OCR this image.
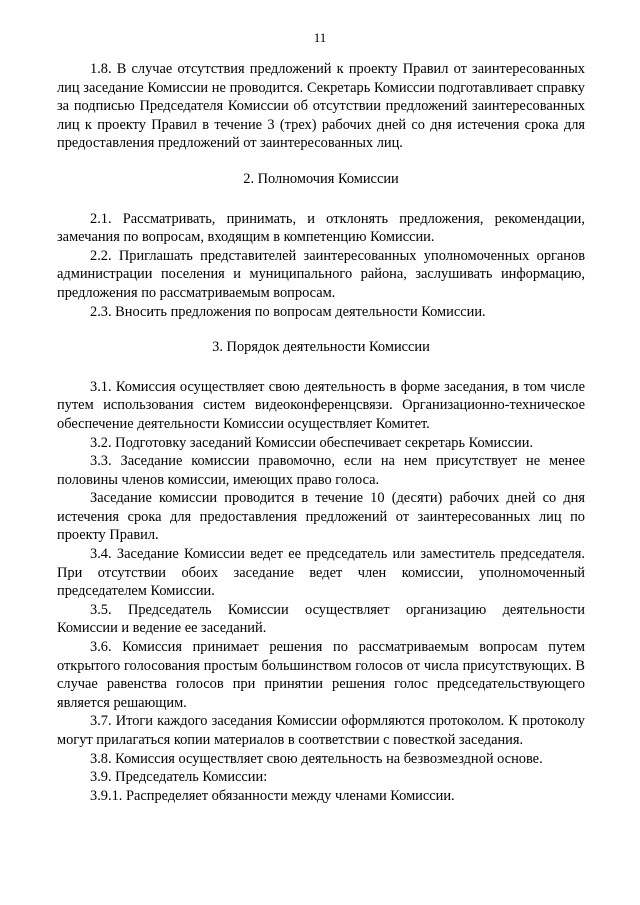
11

1.8. В случае отсутствия предложений к проекту Правил от заинтересованных лиц заседание Комиссии не проводится. Секретарь Комиссии подготавливает справку за подписью Председателя Комиссии об отсутствии предложений заинтересованных лиц к проекту Правил в течение 3 (трех) рабочих дней со дня истечения срока для предоставления предложений от заинтересованных лиц.

2. Полномочия Комиссии

2.1. Рассматривать, принимать, и отклонять предложения, рекомендации, замечания по вопросам, входящим в компетенцию Комиссии.

2.2. Приглашать представителей заинтересованных уполномоченных органов администрации поселения и муниципального района, заслушивать информацию, предложения по рассматриваемым вопросам.

2.3. Вносить предложения по вопросам деятельности Комиссии.

3. Порядок деятельности Комиссии

3.1. Комиссия осуществляет свою деятельность в форме заседания, в том числе путем использования систем видеоконференцсвязи. Организационно-техническое обеспечение деятельности Комиссии осуществляет Комитет.

3.2. Подготовку заседаний Комиссии обеспечивает секретарь Комиссии.

3.3. Заседание комиссии правомочно, если на нем присутствует не менее половины членов комиссии, имеющих право голоса.

Заседание комиссии проводится в течение 10 (десяти) рабочих дней со дня истечения срока для предоставления предложений от заинтересованных лиц по проекту Правил.

3.4. Заседание Комиссии ведет ее председатель или заместитель председателя. При отсутствии обоих заседание ведет член комиссии, уполномоченный председателем Комиссии.

3.5. Председатель Комиссии осуществляет организацию деятельности Комиссии и ведение ее заседаний.

3.6. Комиссия принимает решения по рассматриваемым вопросам путем открытого голосования простым большинством голосов от числа присутствующих. В случае равенства голосов при принятии решения голос председательствующего является решающим.

3.7. Итоги каждого заседания Комиссии оформляются протоколом. К протоколу могут прилагаться копии материалов в соответствии с повесткой заседания.

3.8. Комиссия осуществляет свою деятельность на безвозмездной основе.

3.9. Председатель Комиссии:

3.9.1. Распределяет обязанности между членами Комиссии.
